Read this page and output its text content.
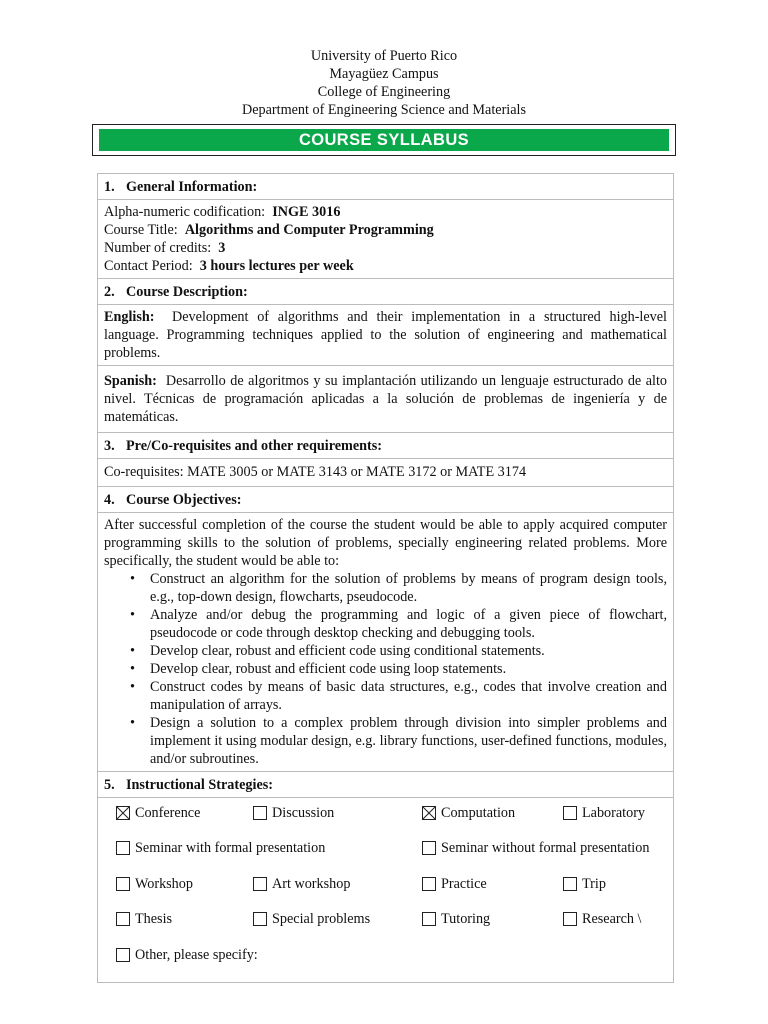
University of Puerto Rico
Mayagüez Campus
College of Engineering
Department of Engineering Science and Materials
COURSE SYLLABUS
1. General Information:
Alpha-numeric codification: INGE 3016
Course Title: Algorithms and Computer Programming
Number of credits: 3
Contact Period: 3 hours lectures per week
2. Course Description:
English: Development of algorithms and their implementation in a structured high-level language. Programming techniques applied to the solution of engineering and mathematical problems.
Spanish: Desarrollo de algoritmos y su implantación utilizando un lenguaje estructurado de alto nivel. Técnicas de programación aplicadas a la solución de problemas de ingeniería y de matemáticas.
3. Pre/Co-requisites and other requirements:
Co-requisites: MATE 3005 or MATE 3143 or MATE 3172 or MATE 3174
4. Course Objectives:
After successful completion of the course the student would be able to apply acquired computer programming skills to the solution of problems, specially engineering related problems. More specifically, the student would be able to:
• Construct an algorithm for the solution of problems by means of program design tools, e.g., top-down design, flowcharts, pseudocode.
• Analyze and/or debug the programming and logic of a given piece of flowchart, pseudocode or code through desktop checking and debugging tools.
• Develop clear, robust and efficient code using conditional statements.
• Develop clear, robust and efficient code using loop statements.
• Construct codes by means of basic data structures, e.g., codes that involve creation and manipulation of arrays.
• Design a solution to a complex problem through division into simpler problems and implement it using modular design, e.g. library functions, user-defined functions, modules, and/or subroutines.
5. Instructional Strategies:
Conference	Discussion	Computation	Laboratory
Seminar with formal presentation	Seminar without formal presentation
Workshop	Art workshop	Practice	Trip
Thesis	Special problems	Tutoring	Research \
Other, please specify:
